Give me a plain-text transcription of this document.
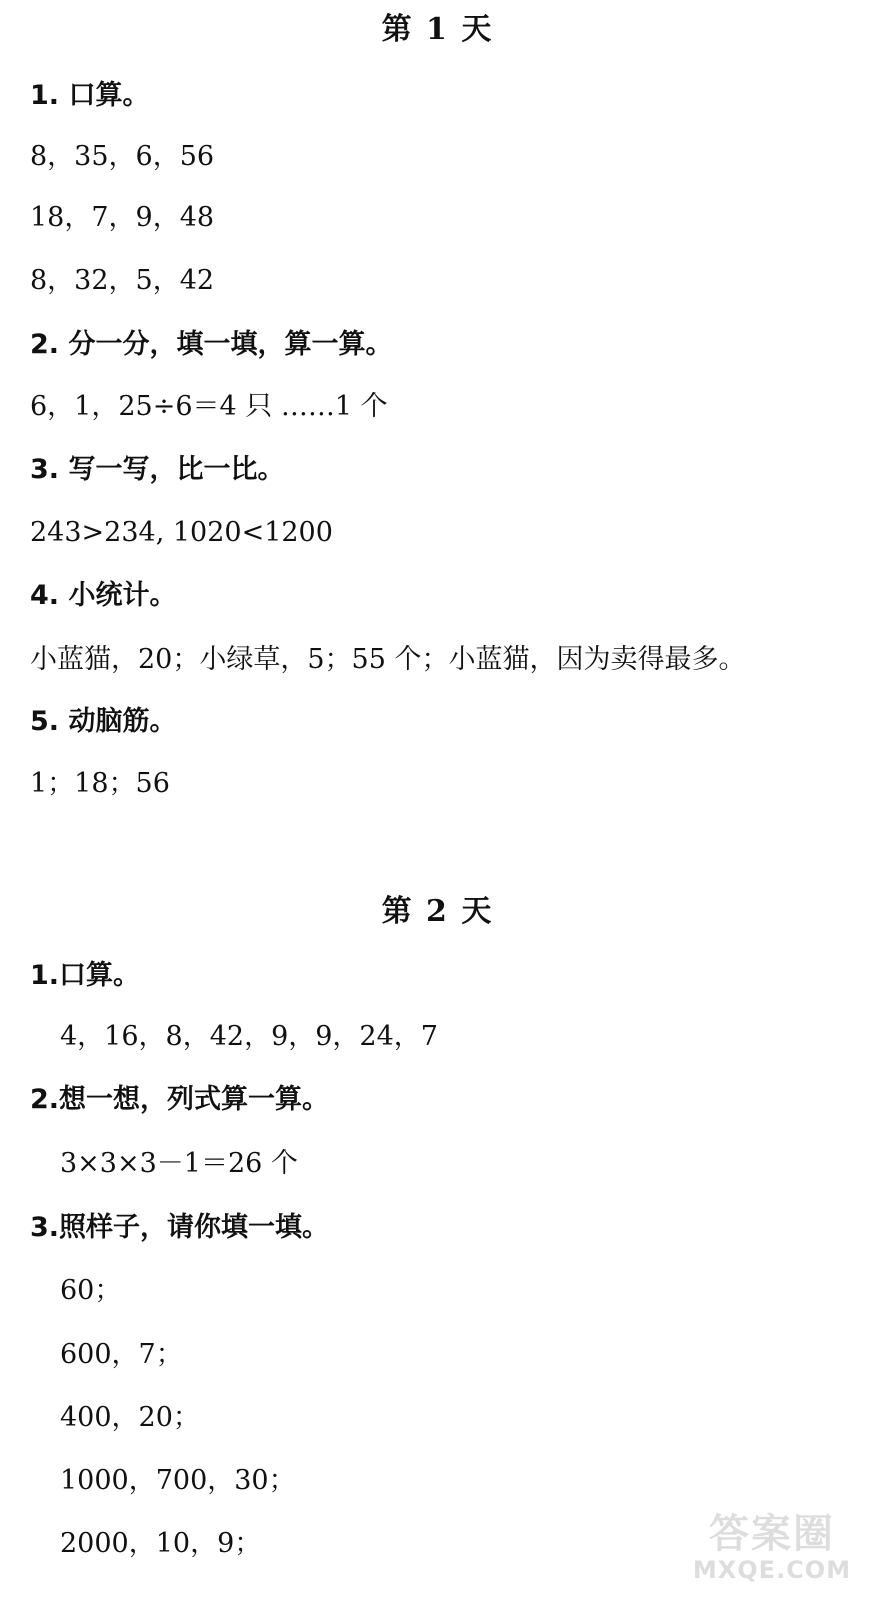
第 1 天
1. 口算。
8，35，6，56
18，7，9，48
8，32，5，42
2. 分一分，填一填，算一算。
6，1，25÷6＝4 只 ……1 个
3. 写一写，比一比。
243>234, 1020<1200
4. 小统计。
小蓝猫，20；小绿草，5；55 个；小蓝猫，因为卖得最多。
5. 动脑筋。
1；18；56
第 2 天
1.口算。
4，16，8，42，9，9，24，7
2.想一想，列式算一算。
3×3×3－1＝26 个
3.照样子，请你填一填。
60；
600，7；
400，20；
1000，700，30；
2000，10，9；	答案圈
MXQE.COM
